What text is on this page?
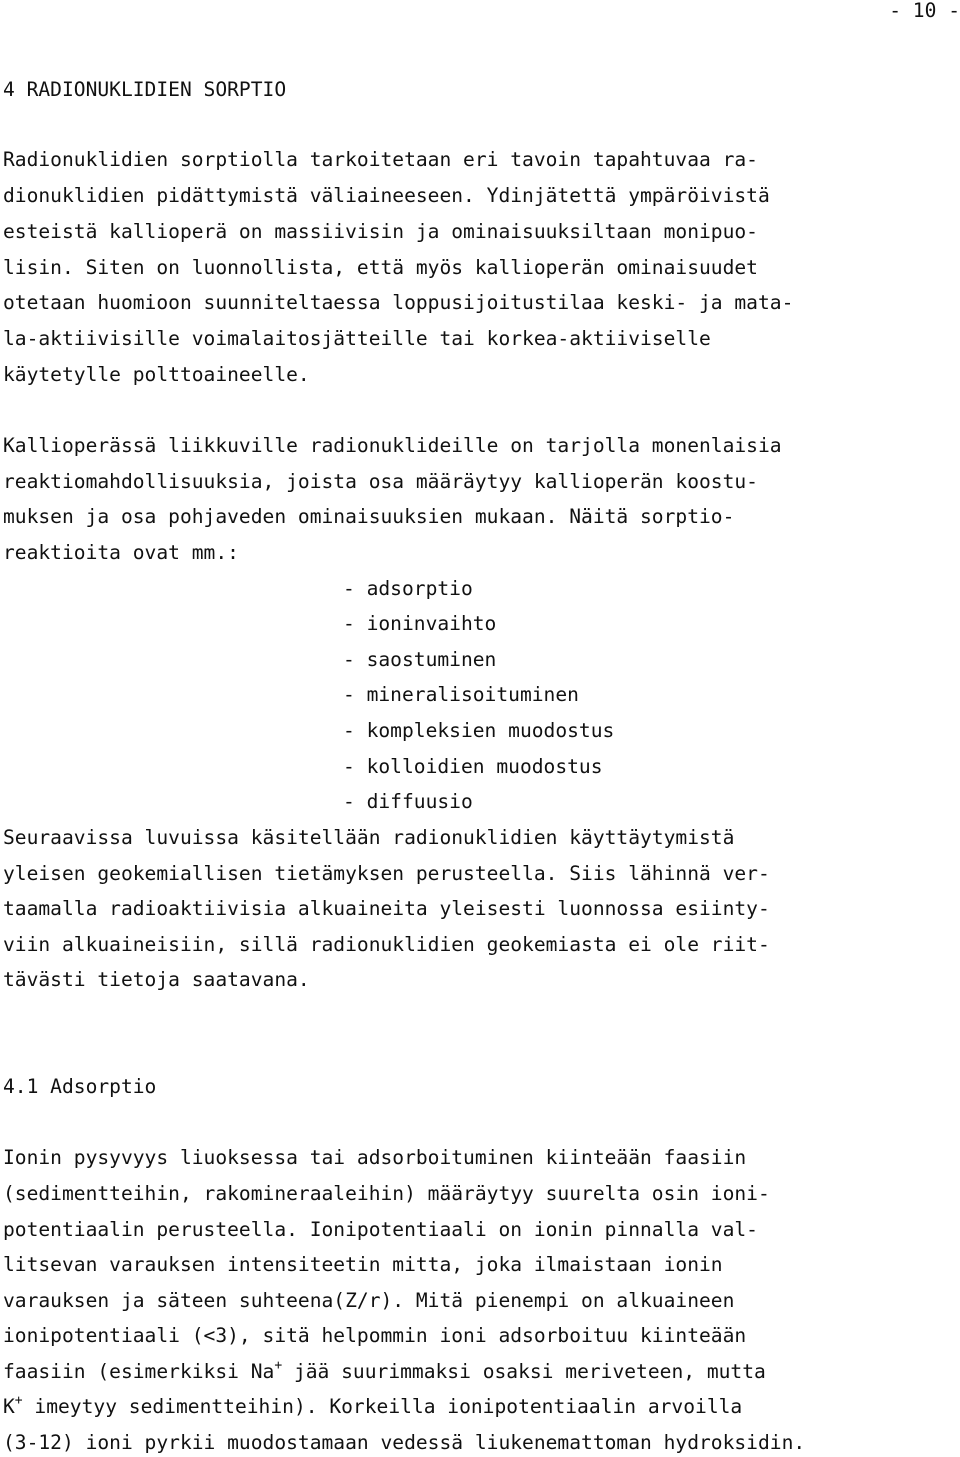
- 10 -
4 RADIONUKLIDIEN SORPTIO
Radionuklidien sorptiolla tarkoitetaan eri tavoin tapahtuvaa ra-
dionuklidien pidättymistä väliaineeseen. Ydinjätettä ympäröivistä
esteistä kallioperä on massiivisin ja ominaisuuksiltaan monipuo-
lisin. Siten on luonnollista, että myös kallioperän ominaisuudet
otetaan huomioon suunniteltaessa loppusijoitustilaa keski- ja mata-
la-aktiivisille voimalaitosjätteille tai korkea-aktiiviselle
käytetylle polttoaineelle.
Kallioperässä liikkuville radionuklideille on tarjolla monenlaisia
reaktiomahdollisuuksia, joista osa määräytyy kallioperän koostu-
muksen ja osa pohjaveden ominaisuuksien mukaan. Näitä sorptio-
reaktioita ovat mm.:
- adsorptio
- ioninvaihto
- saostuminen
- mineralisoituminen
- kompleksien muodostus
- kolloidien muodostus
- diffuusio
Seuraavissa luvuissa käsitellään radionuklidien käyttäytymistä
yleisen geokemiallisen tietämyksen perusteella. Siis lähinnä ver-
taamalla radioaktiivisia alkuaineita yleisesti luonnossa esiinty-
viin alkuaineisiin, sillä radionuklidien geokemiasta ei ole riit-
tävästi tietoja saatavana.
4.1 Adsorptio
Ionin pysyvyys liuoksessa tai adsorboituminen kiinteään faasiin
(sedimentteihin, rakomineraaleihin) määräytyy suurelta osin ioni-
potentiaalin perusteella. Ionipotentiaali on ionin pinnalla val-
litsevan varauksen intensiteetin mitta, joka ilmaistaan ionin
varauksen ja säteen suhteena(Z/r). Mitä pienempi on alkuaineen
ionipotentiaali (<3), sitä helpommin ioni adsorboituu kiinteään
faasiin (esimerkiksi Na+ jää suurimmaksi osaksi meriveteen, mutta
K+ imeytyy sedimentteihin). Korkeilla ionipotentiaalin arvoilla
(3-12) ioni pyrkii muodostamaan vedessä liukenemattoman hydroksidin.
